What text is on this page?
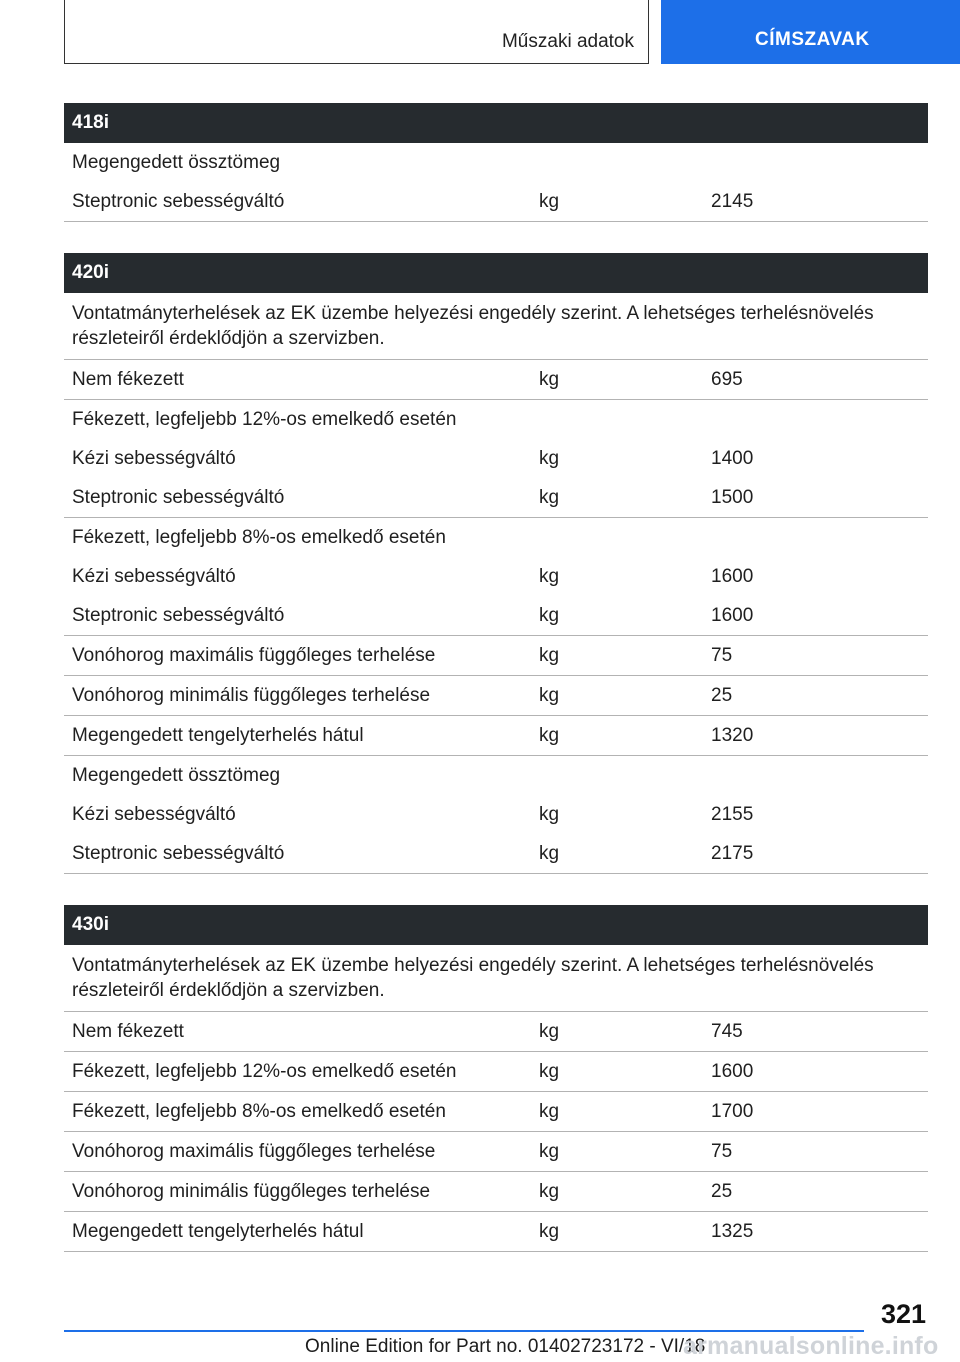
Műszaki adatok	CÍMSZAVAK
418i
Megengedett össztömeg
Steptronic sebességváltó	kg	2145
420i
Vontatmányterhelések az EK üzembe helyezési engedély szerint. A lehetséges terhelésnövelés részleteiről érdeklődjön a szervizben.
Nem fékezett	kg	695
Fékezett, legfeljebb 12%-os emelkedő esetén
Kézi sebességváltó	kg	1400
Steptronic sebességváltó	kg	1500
Fékezett, legfeljebb 8%-os emelkedő esetén
Kézi sebességváltó	kg	1600
Steptronic sebességváltó	kg	1600
Vonóhorog maximális függőleges terhelése	kg	75
Vonóhorog minimális függőleges terhelése	kg	25
Megengedett tengelyterhelés hátul	kg	1320
Megengedett össztömeg
Kézi sebességváltó	kg	2155
Steptronic sebességváltó	kg	2175
430i
Vontatmányterhelések az EK üzembe helyezési engedély szerint. A lehetséges terhelésnövelés részleteiről érdeklődjön a szervizben.
Nem fékezett	kg	745
Fékezett, legfeljebb 12%-os emelkedő esetén	kg	1600
Fékezett, legfeljebb 8%-os emelkedő esetén	kg	1700
Vonóhorog maximális függőleges terhelése	kg	75
Vonóhorog minimális függőleges terhelése	kg	25
Megengedett tengelyterhelés hátul	kg	1325
321
Online Edition for Part no. 01402723172 - VI/18
armanualsonline.info
